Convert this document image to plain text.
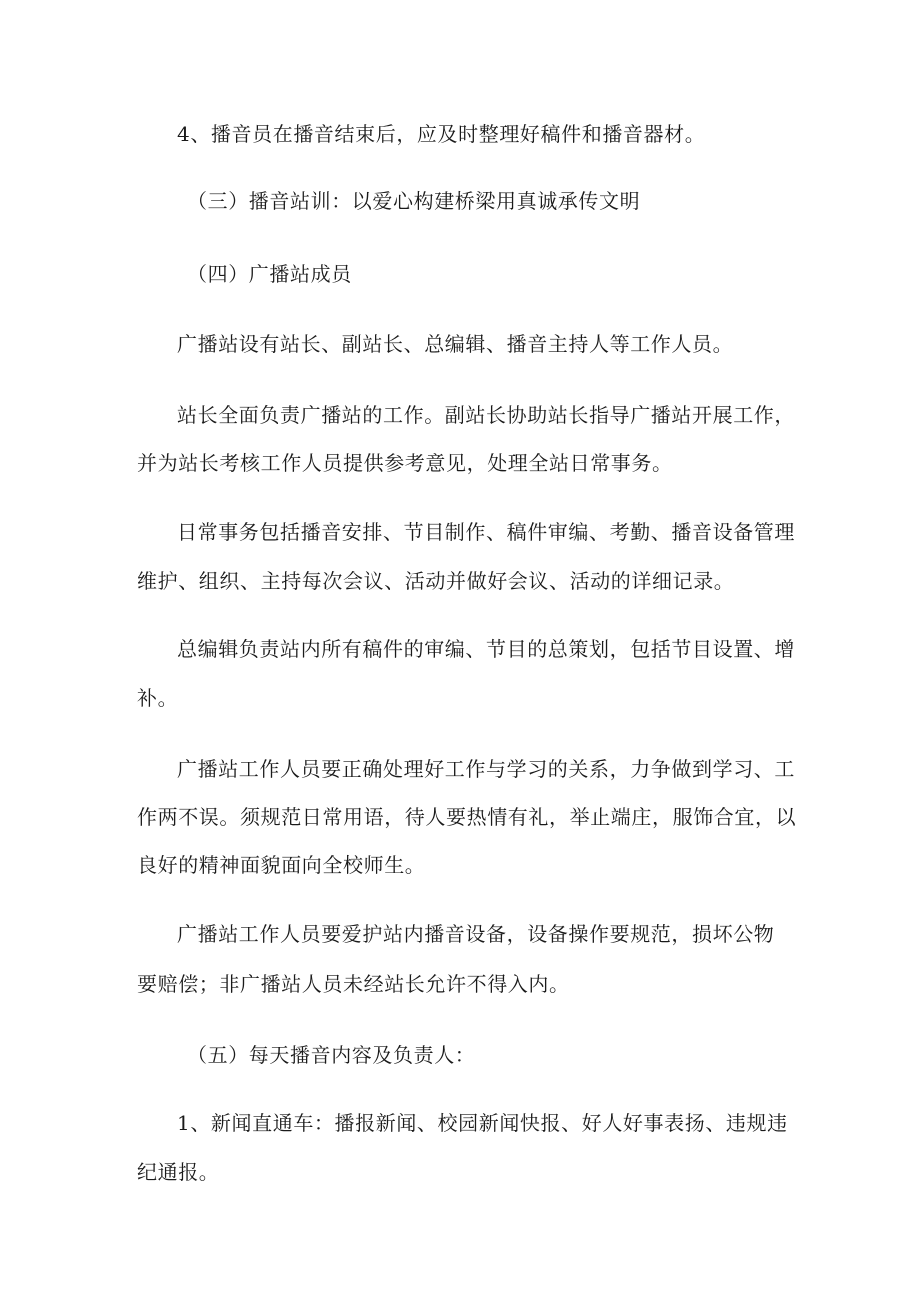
4、播音员在播音结束后，应及时整理好稿件和播音器材。
（三）播音站训：以爱心构建桥梁用真诚承传文明
（四）广播站成员
广播站设有站长、副站长、总编辑、播音主持人等工作人员。
站长全面负责广播站的工作。副站长协助站长指导广播站开展工作，
并为站长考核工作人员提供参考意见，处理全站日常事务。
日常事务包括播音安排、节目制作、稿件审编、考勤、播音设备管理
维护、组织、主持每次会议、活动并做好会议、活动的详细记录。
总编辑负责站内所有稿件的审编、节目的总策划，包括节目设置、增
补。
广播站工作人员要正确处理好工作与学习的关系，力争做到学习、工
作两不误。须规范日常用语，待人要热情有礼，举止端庄，服饰合宜，以
良好的精神面貌面向全校师生。
广播站工作人员要爱护站内播音设备，设备操作要规范，损坏公物
要赔偿；非广播站人员未经站长允许不得入内。
（五）每天播音内容及负责人：
1、新闻直通车：播报新闻、校园新闻快报、好人好事表扬、违规违
纪通报。
